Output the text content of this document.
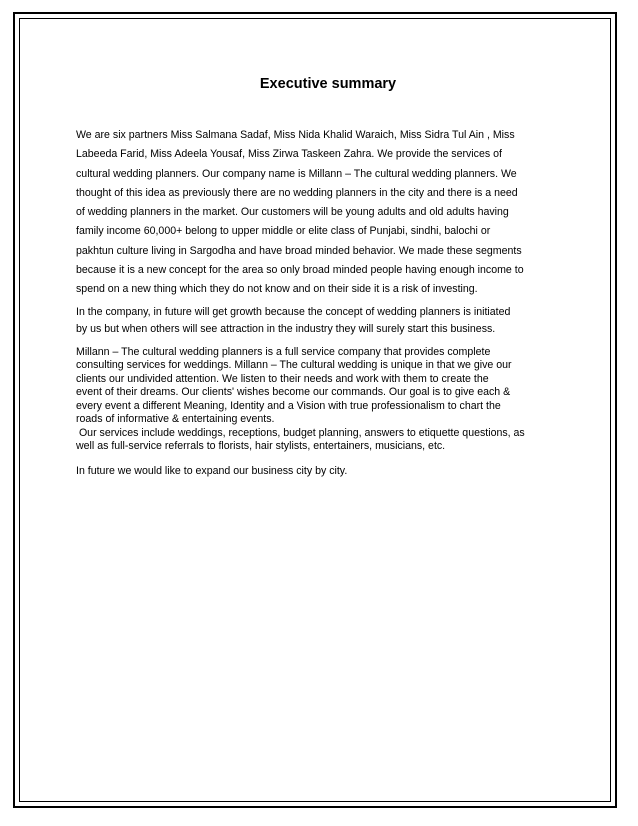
Executive summary
We are six partners Miss Salmana Sadaf, Miss Nida Khalid Waraich, Miss Sidra Tul Ain , Miss
Labeeda Farid, Miss Adeela Yousaf, Miss Zirwa Taskeen Zahra. We provide the services of
cultural wedding planners. Our company name is Millann – The cultural wedding planners. We
thought of this idea as previously there are no wedding planners in the city and there is a need
of wedding planners in the market. Our customers will be young adults and old adults having
family income 60,000+ belong to upper middle or elite class of Punjabi, sindhi, balochi or
pakhtun culture living in Sargodha and have broad minded behavior. We made these segments
because it is a new concept for the area so only broad minded people having enough income to
spend on a new thing which they do not know and on their side it is a risk of investing.
In the company, in future will get growth because the concept of wedding planners is initiated
by us but when others will see attraction in the industry they will surely start this business.
Millann – The cultural wedding planners is a full service company that provides complete
consulting services for weddings. Millann – The cultural wedding is unique in that we give our
clients our undivided attention. We listen to their needs and work with them to create the
event of their dreams. Our clients' wishes become our commands. Our goal is to give each &
every event a different Meaning, Identity and a Vision with true professionalism to chart the
roads of informative & entertaining events.
Our services include weddings, receptions, budget planning, answers to etiquette questions, as
well as full-service referrals to florists, hair stylists, entertainers, musicians, etc.
In future we would like to expand our business city by city.
